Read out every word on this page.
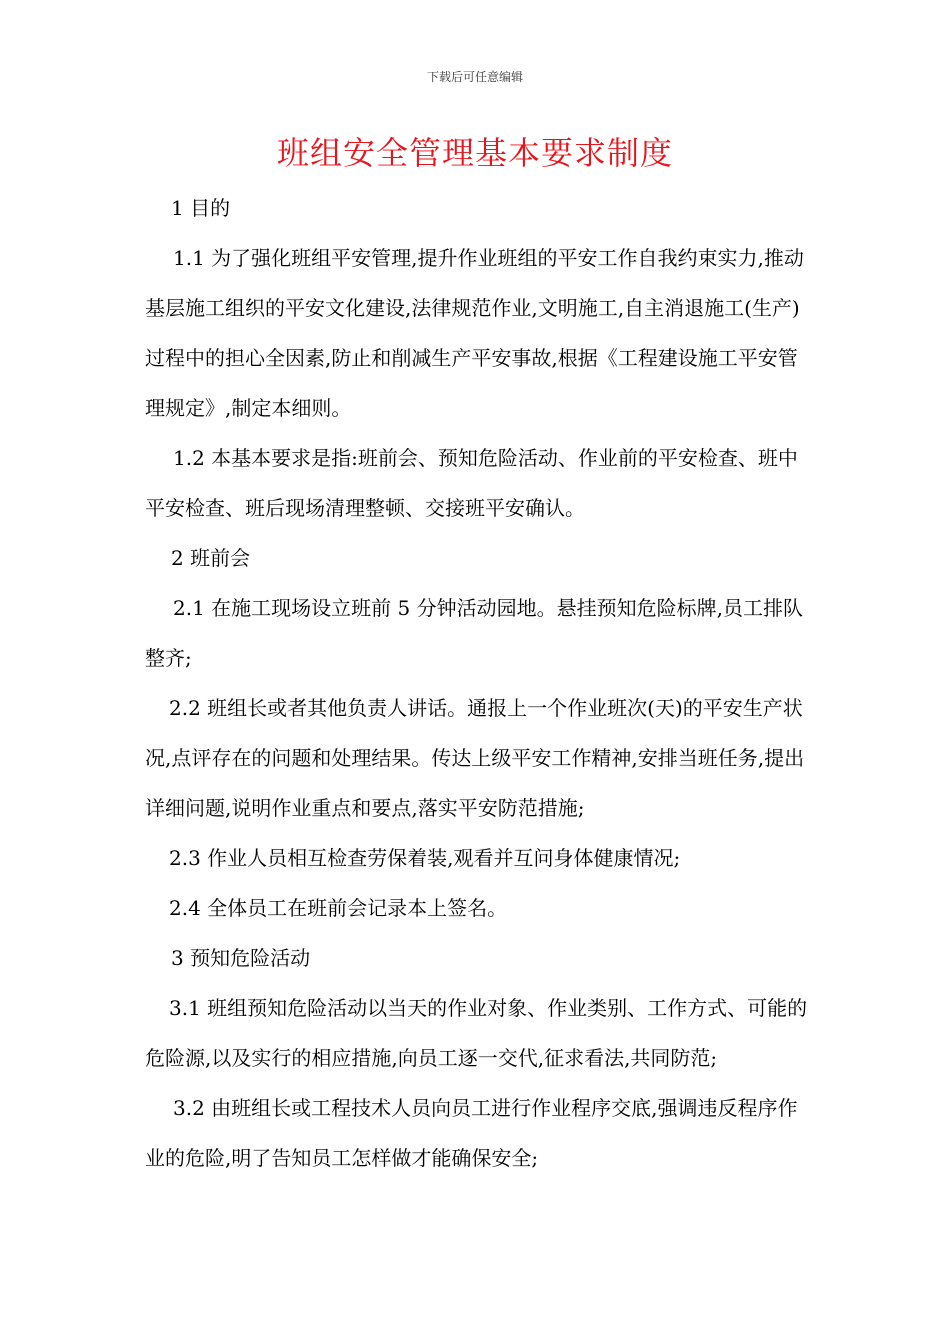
下载后可任意编辑
班组安全管理基本要求制度

1 目的

1.1 为了强化班组平安管理,提升作业班组的平安工作自我约束实力,推动基层施工组织的平安文化建设,法律规范作业,文明施工,自主消退施工(生产)过程中的担心全因素,防止和削减生产平安事故,根据《工程建设施工平安管理规定》,制定本细则。

1.2 本基本要求是指:班前会、预知危险活动、作业前的平安检查、班中平安检查、班后现场清理整顿、交接班平安确认。

2 班前会

2.1 在施工现场设立班前 5 分钟活动园地。悬挂预知危险标牌,员工排队整齐;

2.2 班组长或者其他负责人讲话。通报上一个作业班次(天)的平安生产状况,点评存在的问题和处理结果。传达上级平安工作精神,安排当班任务,提出详细问题,说明作业重点和要点,落实平安防范措施;

2.3 作业人员相互检查劳保着装,观看并互问身体健康情况;

2.4 全体员工在班前会记录本上签名。

3 预知危险活动

3.1 班组预知危险活动以当天的作业对象、作业类别、工作方式、可能的危险源,以及实行的相应措施,向员工逐一交代,征求看法,共同防范;

3.2 由班组长或工程技术人员向员工进行作业程序交底,强调违反程序作业的危险,明了告知员工怎样做才能确保安全;
